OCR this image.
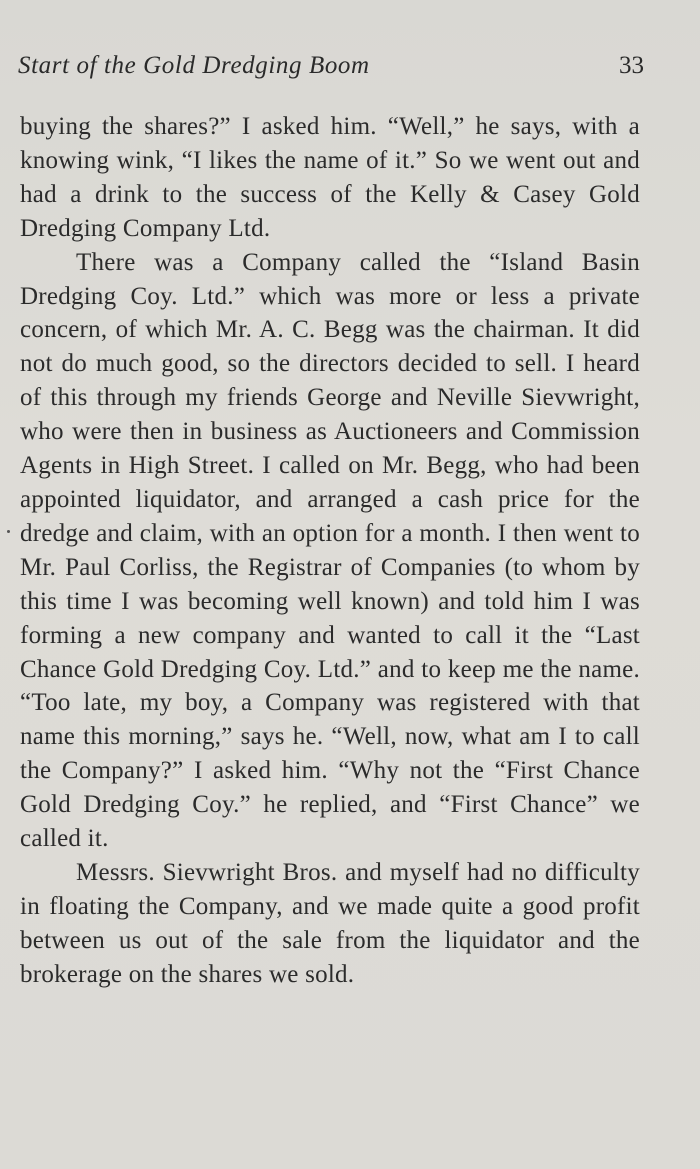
Start of the Gold Dredging Boom	33

buying the shares?” I asked him. “Well,” he says, with a knowing wink, “I likes the name of it.” So we went out and had a drink to the success of the Kelly & Casey Gold Dredging Company Ltd.

There was a Company called the “Island Basin Dredging Coy. Ltd.” which was more or less a private concern, of which Mr. A. C. Begg was the chairman. It did not do much good, so the directors decided to sell. I heard of this through my friends George and Neville Sievwright, who were then in business as Auctioneers and Commission Agents in High Street. I called on Mr. Begg, who had been appointed liquidator, and arranged a cash price for the dredge and claim, with an option for a month. I then went to Mr. Paul Corliss, the Registrar of Companies (to whom by this time I was becoming well known) and told him I was forming a new company and wanted to call it the “Last Chance Gold Dredging Coy. Ltd.” and to keep me the name. “Too late, my boy, a Company was registered with that name this morning,” says he. “Well, now, what am I to call the Company?” I asked him. “Why not the “First Chance Gold Dredging Coy.” he replied, and “First Chance” we called it.

Messrs. Sievwright Bros. and myself had no difficulty in floating the Company, and we made quite a good profit between us out of the sale from the liquidator and the brokerage on the shares we sold.
